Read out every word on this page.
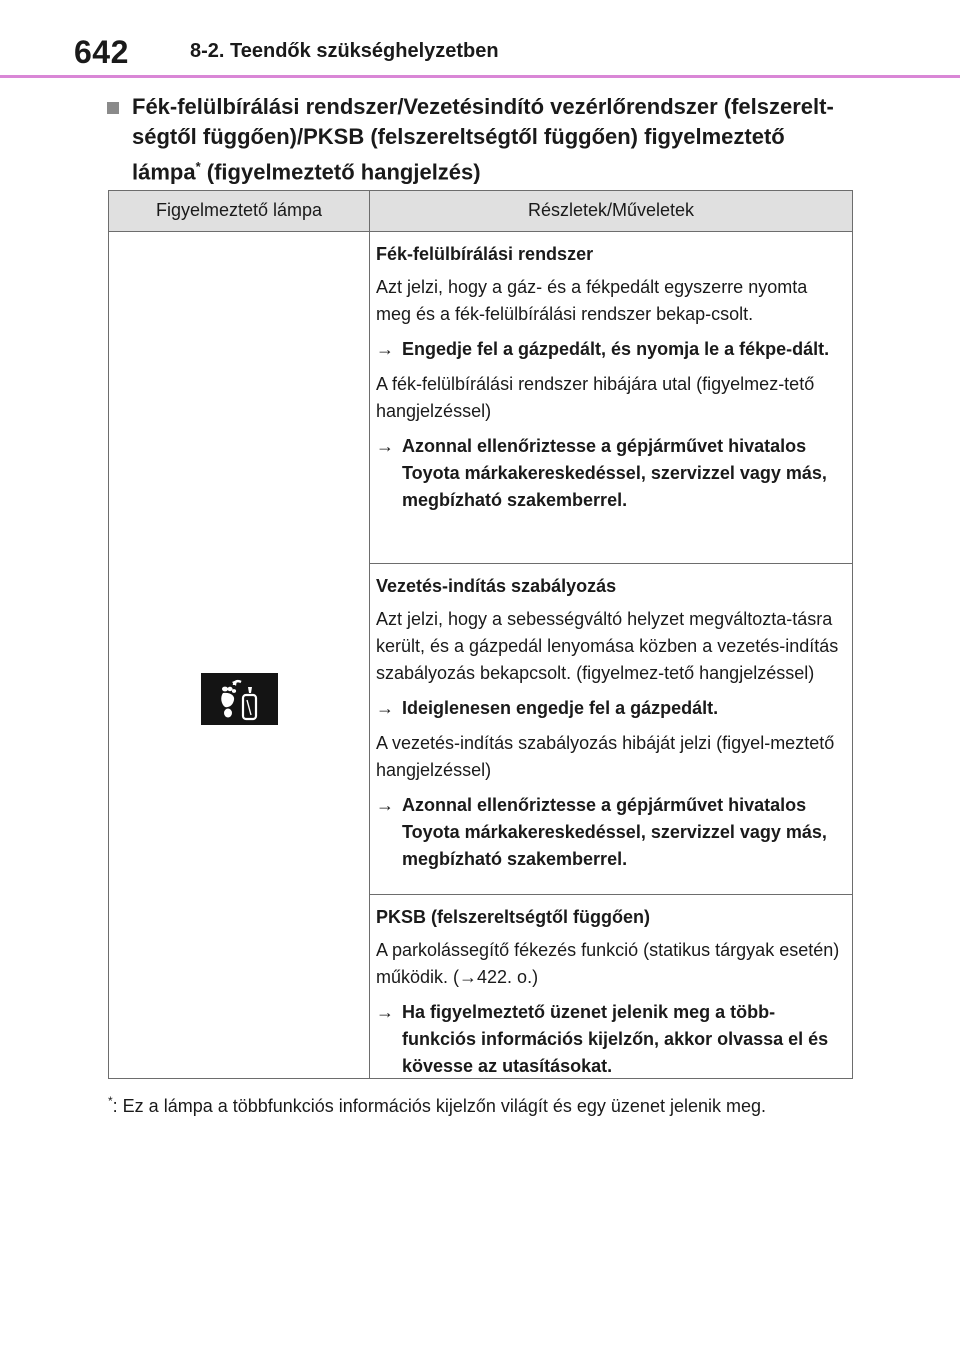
642	8-2. Teendők szükséghelyzetben
Fék-felülbírálási rendszer/Vezetésindító vezérlőrendszer (felszerelt-
ségtől függően)/PKSB (felszereltségtől függően) figyelmeztető
lámpa* (figyelmeztető hangjelzés)
Figyelmeztető lámpa	Részletek/Műveletek
Fék-felülbírálási rendszer
Azt jelzi, hogy a gáz- és a fékpedált egyszerre nyomta meg és a fék-felülbírálási rendszer bekap-csolt.
→ Engedje fel a gázpedált, és nyomja le a fékpe-dált.
A fék-felülbírálási rendszer hibájára utal (figyelmez-tető hangjelzéssel)
→ Azonnal ellenőriztesse a gépjárművet hivatalos Toyota márkakereskedéssel, szervizzel vagy más, megbízható szakemberrel.
Vezetés-indítás szabályozás
Azt jelzi, hogy a sebességváltó helyzet megváltozta-tásra került, és a gázpedál lenyomása közben a vezetés-indítás szabályozás bekapcsolt. (figyelmez-tető hangjelzéssel)
→ Ideiglenesen engedje fel a gázpedált.
A vezetés-indítás szabályozás hibáját jelzi (figyel-meztető hangjelzéssel)
→ Azonnal ellenőriztesse a gépjárművet hivatalos Toyota márkakereskedéssel, szervizzel vagy más, megbízható szakemberrel.
PKSB (felszereltségtől függően)
A parkolássegítő fékezés funkció (statikus tárgyak esetén) működik. (→422. o.)
→ Ha figyelmeztető üzenet jelenik meg a több-funkciós információs kijelzőn, akkor olvassa el és kövesse az utasításokat.
*: Ez a lámpa a többfunkciós információs kijelzőn világít és egy üzenet jelenik meg.
